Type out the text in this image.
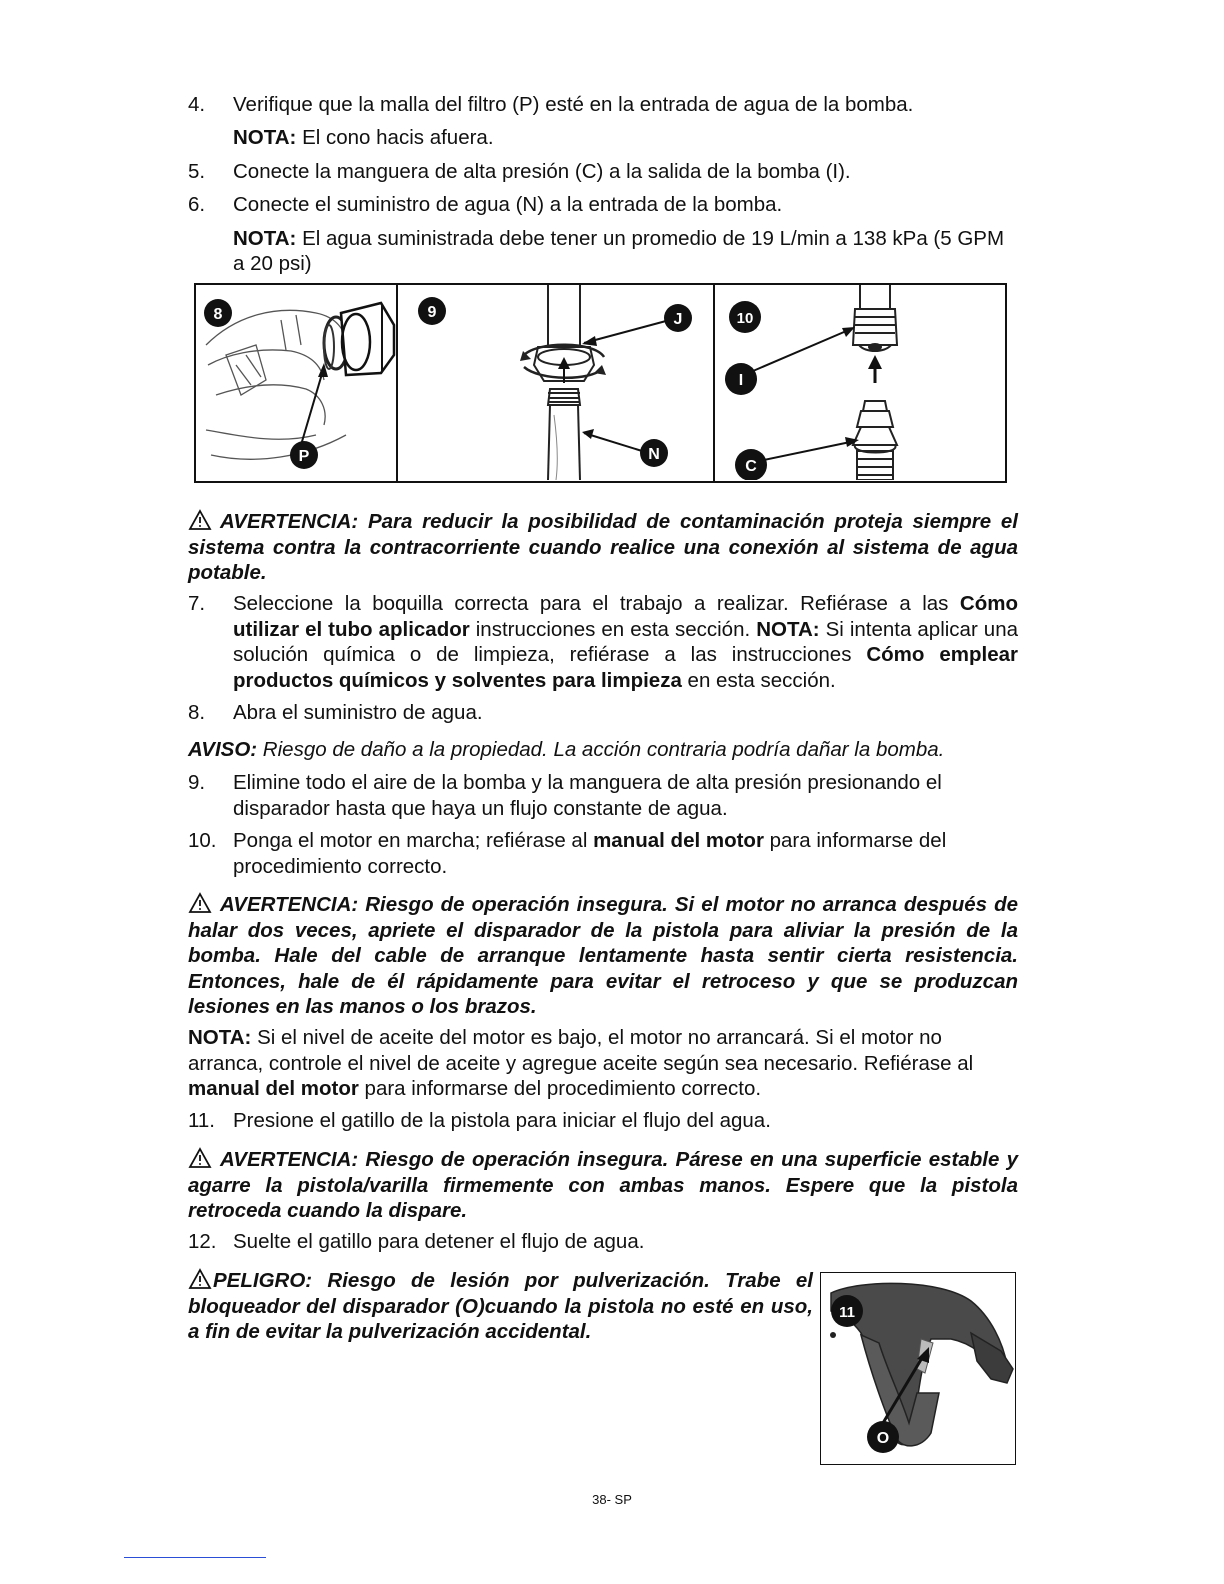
4.	Verifique que la malla del filtro (P) esté en la entrada de agua de la bomba.
NOTA: El cono hacis afuera.
5.	Conecte la manguera de alta presión (C) a la salida de la bomba (I).
6.	Conecte el suministro de agua (N) a la entrada de la bomba.
NOTA: El agua suministrada debe tener un promedio de 19 L/min a 138 kPa (5 GPM a 20 psi)
8
P
9	J
N
10
I
C
AVERTENCIA: Para reducir la posibilidad de contaminación proteja siempre el sistema contra la contracorriente cuando realice una conexión al sistema de agua potable.
7.	Seleccione la boquilla correcta para el trabajo a realizar. Refiérase a las Cómo utilizar el tubo aplicador instrucciones en esta sección. NOTA: Si intenta aplicar una solución química o de limpieza, refiérase a las instrucciones Cómo emplear productos químicos y solventes para limpieza en esta sección.
8.	Abra el suministro de agua.
AVISO: Riesgo de daño a la propiedad. La acción contraria podría dañar la bomba.
9.	Elimine todo el aire de la bomba y la manguera de alta presión presionando el disparador hasta que haya un flujo constante de agua.
10. Ponga el motor en marcha; refiérase al manual del motor para informarse del procedimiento correcto.
AVERTENCIA: Riesgo de operación insegura. Si el motor no arranca después de halar dos veces, apriete el disparador de la pistola para aliviar la presión de la bomba. Hale del cable de arranque lentamente hasta sentir cierta resistencia. Entonces, hale de él rápidamente para evitar el retroceso y que se produzcan lesiones en las manos o los brazos.
NOTA: Si el nivel de aceite del motor es bajo, el motor no arrancará. Si el motor no arranca, controle el nivel de aceite y agregue aceite según sea necesario. Refiérase al manual del motor para informarse del procedimiento correcto.
11. Presione el gatillo de la pistola para iniciar el flujo del agua.
AVERTENCIA: Riesgo de operación insegura. Párese en una superficie estable y agarre la pistola/varilla firmemente con ambas manos. Espere que la pistola retroceda cuando la dispare.
12. Suelte el gatillo para detener el flujo de agua.
PELIGRO: Riesgo de lesión por pulverización. Trabe el bloqueador del disparador (O)cuando la pistola no esté en uso, a fin de evitar la pulverización accidental.
11
O
38- SP
